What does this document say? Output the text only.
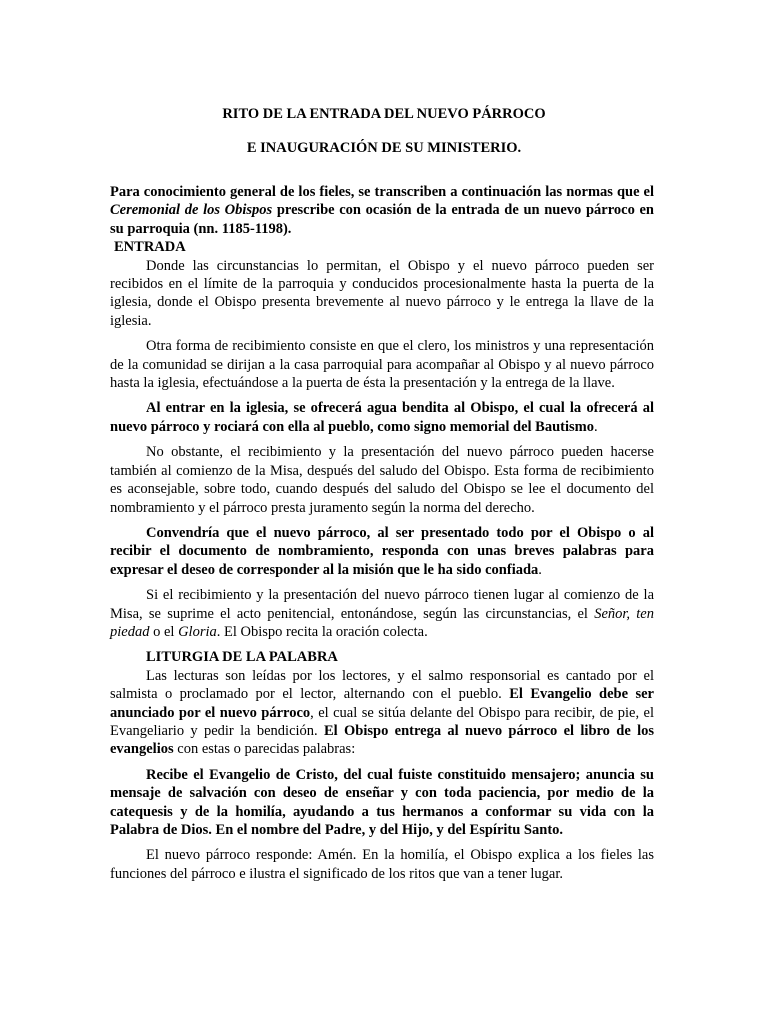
RITO DE LA ENTRADA DEL NUEVO PÁRROCO
E INAUGURACIÓN DE SU MINISTERIO.

Para conocimiento general de los fieles, se transcriben a continuación las normas que el Ceremonial de los Obispos prescribe con ocasión de la entrada de un nuevo párroco en su parroquia (nn. 1185-1198).

ENTRADA

Donde las circunstancias lo permitan, el Obispo y el nuevo párroco pueden ser recibidos en el límite de la parroquia y conducidos procesionalmente hasta la puerta de la iglesia, donde el Obispo presenta brevemente al nuevo párroco y le entrega la llave de la iglesia.

Otra forma de recibimiento consiste en que el clero, los ministros y una representación de la comunidad se dirijan a la casa parroquial para acompañar al Obispo y al nuevo párroco hasta la iglesia, efectuándose a la puerta de ésta la presentación y la entrega de la llave.

Al entrar en la iglesia, se ofrecerá agua bendita al Obispo, el cual la ofrecerá al nuevo párroco y rociará con ella al pueblo, como signo memorial del Bautismo.

No obstante, el recibimiento y la presentación del nuevo párroco pueden hacerse también al comienzo de la Misa, después del saludo del Obispo. Esta forma de recibimiento es aconsejable, sobre todo, cuando después del saludo del Obispo se lee el documento del nombramiento y el párroco presta juramento según la norma del derecho.

Convendría que el nuevo párroco, al ser presentado todo por el Obispo o al recibir el documento de nombramiento, responda con unas breves palabras para expresar el deseo de corresponder al la misión que le ha sido confiada.

Si el recibimiento y la presentación del nuevo párroco tienen lugar al comienzo de la Misa, se suprime el acto penitencial, entonándose, según las circunstancias, el Señor, ten piedad o el Gloria. El Obispo recita la oración colecta.

LITURGIA DE LA PALABRA

Las lecturas son leídas por los lectores, y el salmo responsorial es cantado por el salmista o proclamado por el lector, alternando con el pueblo. El Evangelio debe ser anunciado por el nuevo párroco, el cual se sitúa delante del Obispo para recibir, de pie, el Evangeliario y pedir la bendición. El Obispo entrega al nuevo párroco el libro de los evangelios con estas o parecidas palabras:

Recibe el Evangelio de Cristo, del cual fuiste constituido mensajero; anuncia su mensaje de salvación con deseo de enseñar y con toda paciencia, por medio de la catequesis y de la homilía, ayudando a tus hermanos a conformar su vida con la Palabra de Dios. En el nombre del Padre, y del Hijo, y del Espíritu Santo.

El nuevo párroco responde: Amén. En la homilía, el Obispo explica a los fieles las funciones del párroco e ilustra el significado de los ritos que van a tener lugar.
